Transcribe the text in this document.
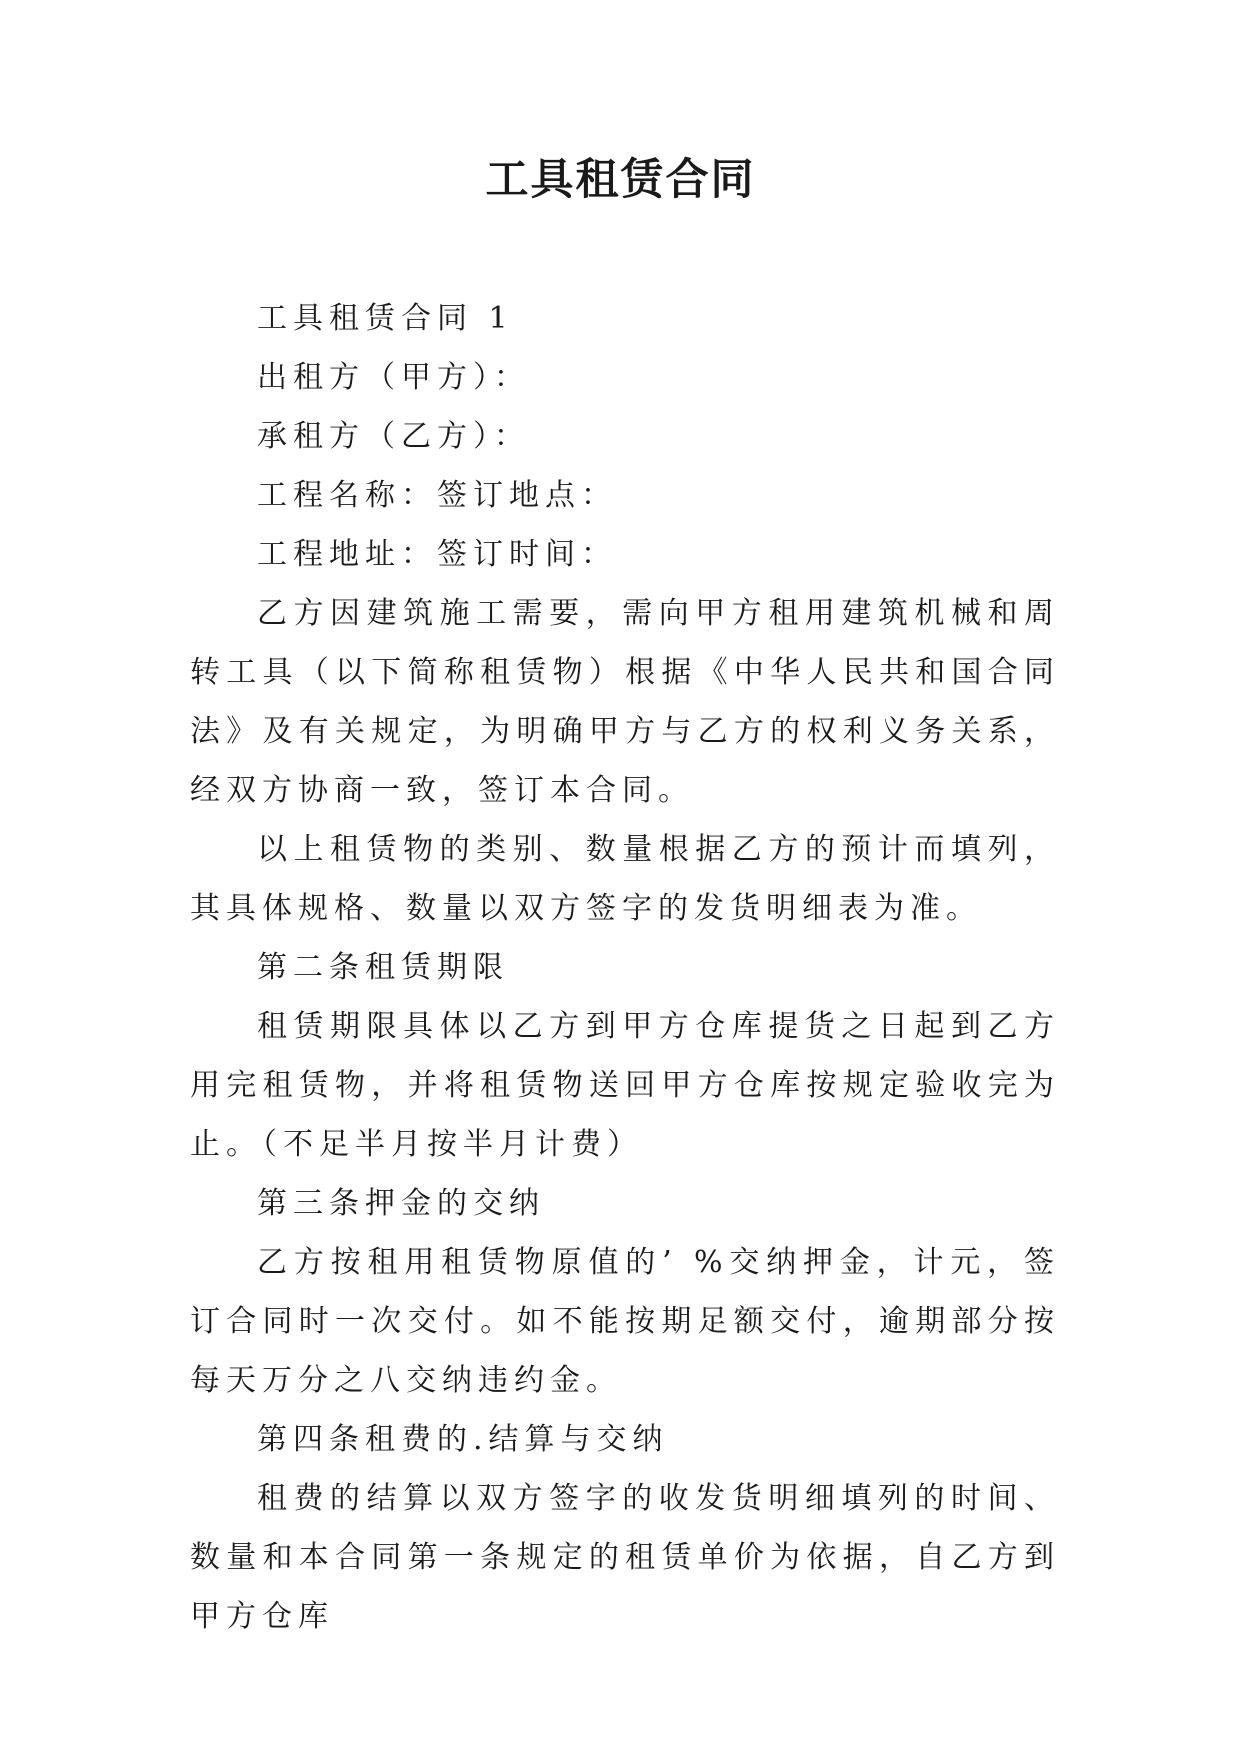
工具租赁合同

工具租赁合同 1

出租方（甲方）：

承租方（乙方）：

工程名称：签订地点：

工程地址：签订时间：

乙方因建筑施工需要，需向甲方租用建筑机械和周转工具（以下简称租赁物）根据《中华人民共和国合同法》及有关规定，为明确甲方与乙方的权利义务关系，经双方协商一致，签订本合同。

以上租赁物的类别、数量根据乙方的预计而填列，其具体规格、数量以双方签字的发货明细表为准。

第二条租赁期限

租赁期限具体以乙方到甲方仓库提货之日起到乙方用完租赁物，并将租赁物送回甲方仓库按规定验收完为止。（不足半月按半月计费）

第三条押金的交纳

乙方按租用租赁物原值的’ %交纳押金，计元，签订合同时一次交付。如不能按期足额交付，逾期部分按每天万分之八交纳违约金。

第四条租费的.结算与交纳

租费的结算以双方签字的收发货明细填列的时间、数量和本合同第一条规定的租赁单价为依据，自乙方到甲方仓库
